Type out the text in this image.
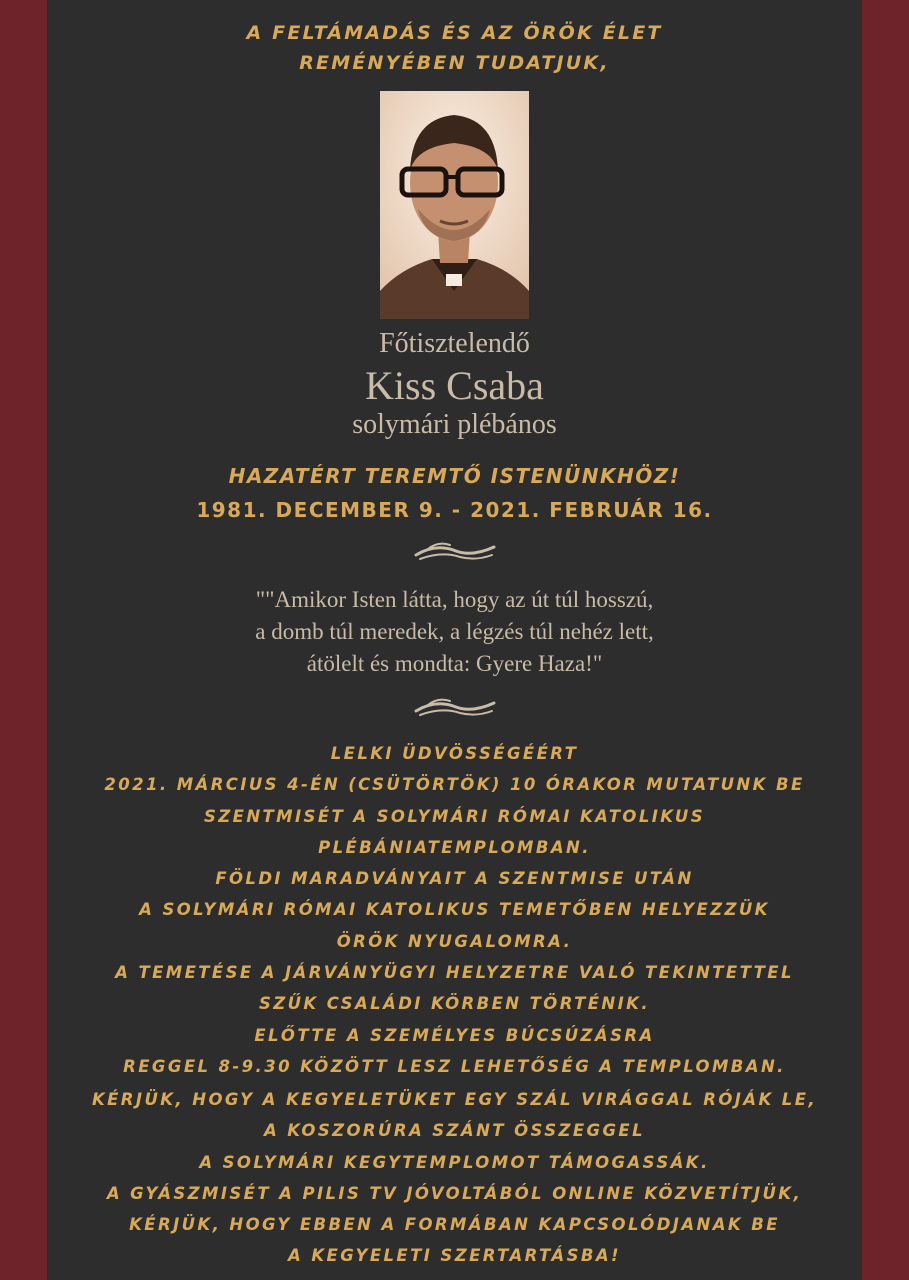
A FELTÁMADÁS ÉS AZ ÖRÖK ÉLET
REMÉNYÉBEN TUDATJUK,
Főtisztelendő
Kiss Csaba
solymári plébános
HAZATÉRT TEREMTŐ ISTENÜNKHÖZ!
1981. DECEMBER 9. - 2021. FEBRUÁR 16.
""Amikor Isten látta, hogy az út túl hosszú,
a domb túl meredek, a légzés túl nehéz lett,
átölelt és mondta: Gyere Haza!"
LELKI ÜDVÖSSÉGÉÉRT
2021. MÁRCIUS 4-ÉN (CSÜTÖRTÖK) 10 ÓRAKOR MUTATUNK BE
SZENTMISÉT A SOLYMÁRI RÓMAI KATOLIKUS
PLÉBÁNIATEMPLOMBAN.
FÖLDI MARADVÁNYAIT A SZENTMISE UTÁN
A SOLYMÁRI RÓMAI KATOLIKUS TEMETŐBEN HELYEZZÜK
ÖRÖK NYUGALOMRA.
A TEMETÉSE A JÁRVÁNYÜGYI HELYZETRE VALÓ TEKINTETTEL
SZŰK CSALÁDI KÖRBEN TÖRTÉNIK.
ELŐTTE A SZEMÉLYES BÚCSÚZÁSRA
REGGEL 8-9.30 KÖZÖTT LESZ LEHETŐSÉG A TEMPLOMBAN.
KÉRJÜK, HOGY A KEGYELETÜKET EGY SZÁL VIRÁGGAL RÓJÁK LE,
A KOSZORÚRA SZÁNT ÖSSZEGGEL
A SOLYMÁRI KEGYTEMPLOMOT TÁMOGASSÁK.
A GYÁSZMISÉT A PILIS TV JÓVOLTÁBÓL ONLINE KÖZVETÍTJÜK,
KÉRJÜK, HOGY EBBEN A FORMÁBAN KAPCSOLÓDJANAK BE
A KEGYELETI SZERTARTÁSBA!
